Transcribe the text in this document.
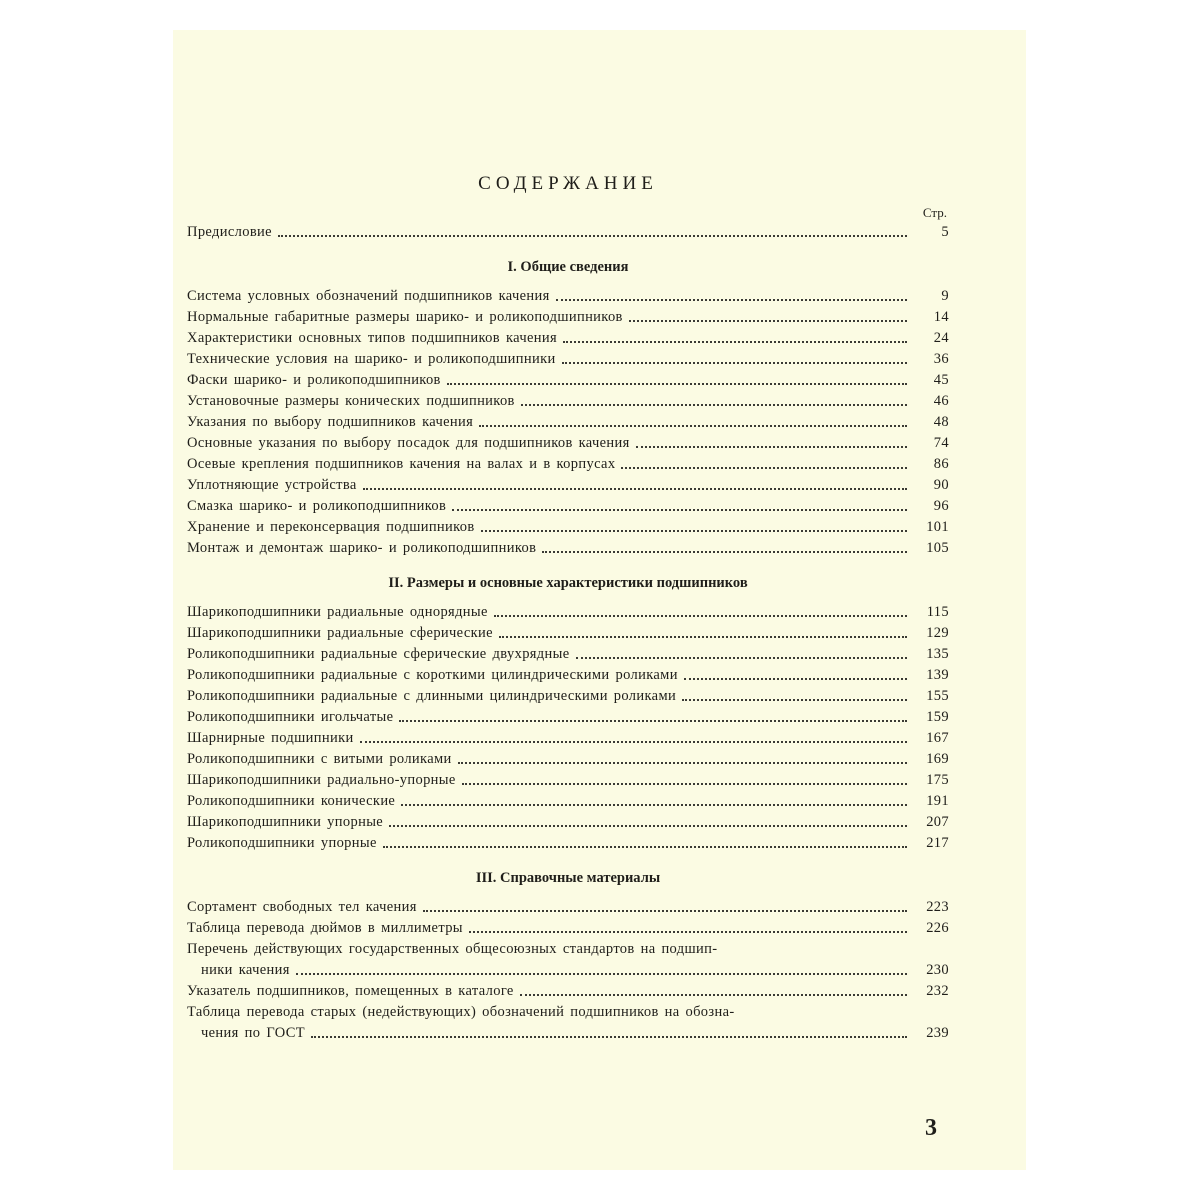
СОДЕРЖАНИЕ
Стр.
Предисловие	5
I. Общие сведения
Система условных обозначений подшипников качения	9
Нормальные габаритные размеры шарико- и роликоподшипников	14
Характеристики основных типов подшипников качения	24
Технические условия на шарико- и роликоподшипники	36
Фаски шарико- и роликоподшипников	45
Установочные размеры конических подшипников	46
Указания по выбору подшипников качения	48
Основные указания по выбору посадок для подшипников качения	74
Осевые крепления подшипников качения на валах и в корпусах	86
Уплотняющие устройства	90
Смазка шарико- и роликоподшипников	96
Хранение и переконсервация подшипников	101
Монтаж и демонтаж шарико- и роликоподшипников	105
II. Размеры и основные характеристики подшипников
Шарикоподшипники радиальные однорядные	115
Шарикоподшипники радиальные сферические	129
Роликоподшипники радиальные сферические двухрядные	135
Роликоподшипники радиальные с короткими цилиндрическими роликами	139
Роликоподшипники радиальные с длинными цилиндрическими роликами	155
Роликоподшипники игольчатые	159
Шарнирные подшипники	167
Роликоподшипники с витыми роликами	169
Шарикоподшипники радиально-упорные	175
Роликоподшипники конические	191
Шарикоподшипники упорные	207
Роликоподшипники упорные	217
III. Справочные материалы
Сортамент свободных тел качения	223
Таблица перевода дюймов в миллиметры	226
Перечень действующих государственных общесоюзных стандартов на подшип-
ники качения	230
Указатель подшипников, помещенных в каталоге	232
Таблица перевода старых (недействующих) обозначений подшипников на обозна-
чения по ГОСТ	239
3
